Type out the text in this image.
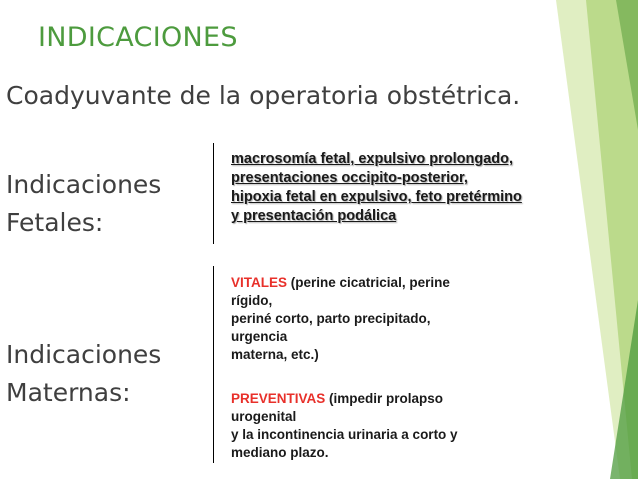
INDICACIONES
Coadyuvante de la operatoria obstétrica.
Indicaciones
Fetales:
Indicaciones
Maternas:
macrosomía fetal, expulsivo prolongado,
presentaciones occipito-posterior,
hipoxia fetal en expulsivo, feto pretérmino
y presentación podálica
VITALES (perine cicatricial, perine
rígido,
periné corto, parto precipitado,
urgencia
materna, etc.)
PREVENTIVAS (impedir prolapso
urogenital
y la incontinencia urinaria a corto y
mediano plazo.
